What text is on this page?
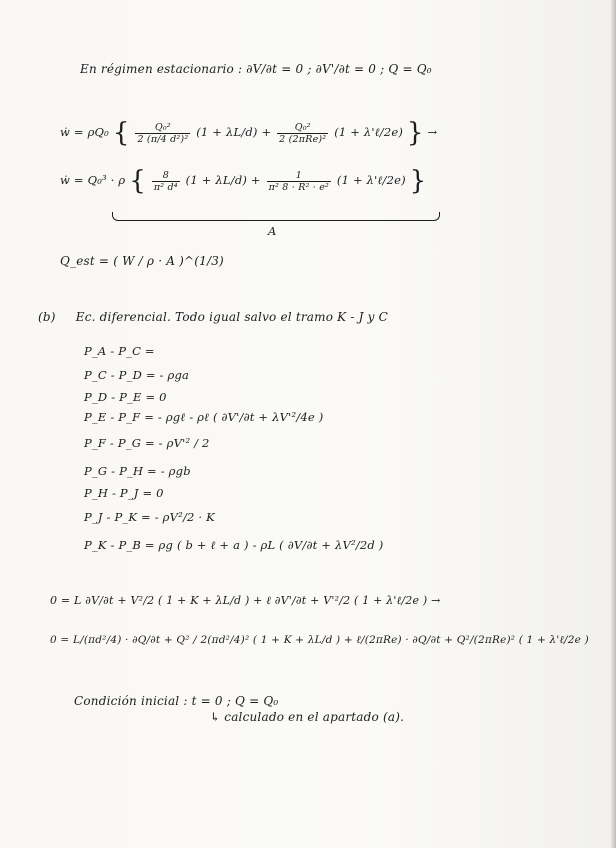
En régimen estacionario : ∂V/∂t = 0 ; ∂V'/∂t = 0 ; Q = Q₀
ẇ = ρQ₀ { $\frac{\text{Q₀²}}{\text{2 (π/4 d²)²}} (1 + \lambda L/d) + \frac{\text{Q₀²}}{\text{2 (2πRe)²}} (1$ + λ'ℓ/2e) } →
ẇ = Q₀³ · ρ { $\frac{8}{\text{π² d⁴}} (1 + \lambda L/d) + \frac{1}{\text{π² 8 · R² · e²}} (1$ + λ'ℓ/2e) }
A
Q_est = ( W / ρ · A )^(1/3)
(b) Ec. diferencial. Todo igual salvo el tramo K - J y C
P_A - P_C =
P_C - P_D = - ρga
P_D - P_E = 0
P_E - P_F = - ρgℓ - ρℓ ( ∂V'/∂t + λV'²/4e )
P_F - P_G = - ρV'² / 2
P_G - P_H = - ρgb
P_H - P_J = 0
P_J - P_K = - ρV²/2 · K
P_K - P_B = ρg ( b + ℓ + a ) - ρL ( ∂V/∂t + λV²/2d )
0 = L ∂V/∂t + V²/2 ( 1 + K + λL/d ) + ℓ ∂V'/∂t + V'²/2 ( 1 + λ'ℓ/2e ) →
0 = L/(πd²/4) · ∂Q/∂t + Q² / 2(πd²/4)² ( 1 + K + λL/d ) + ℓ/(2πRe) · ∂Q/∂t + Q²/(2πRe)² ( 1 + λ'ℓ/2e )
Condición inicial : t = 0 ; Q = Q₀
↳ calculado en el apartado (a).
